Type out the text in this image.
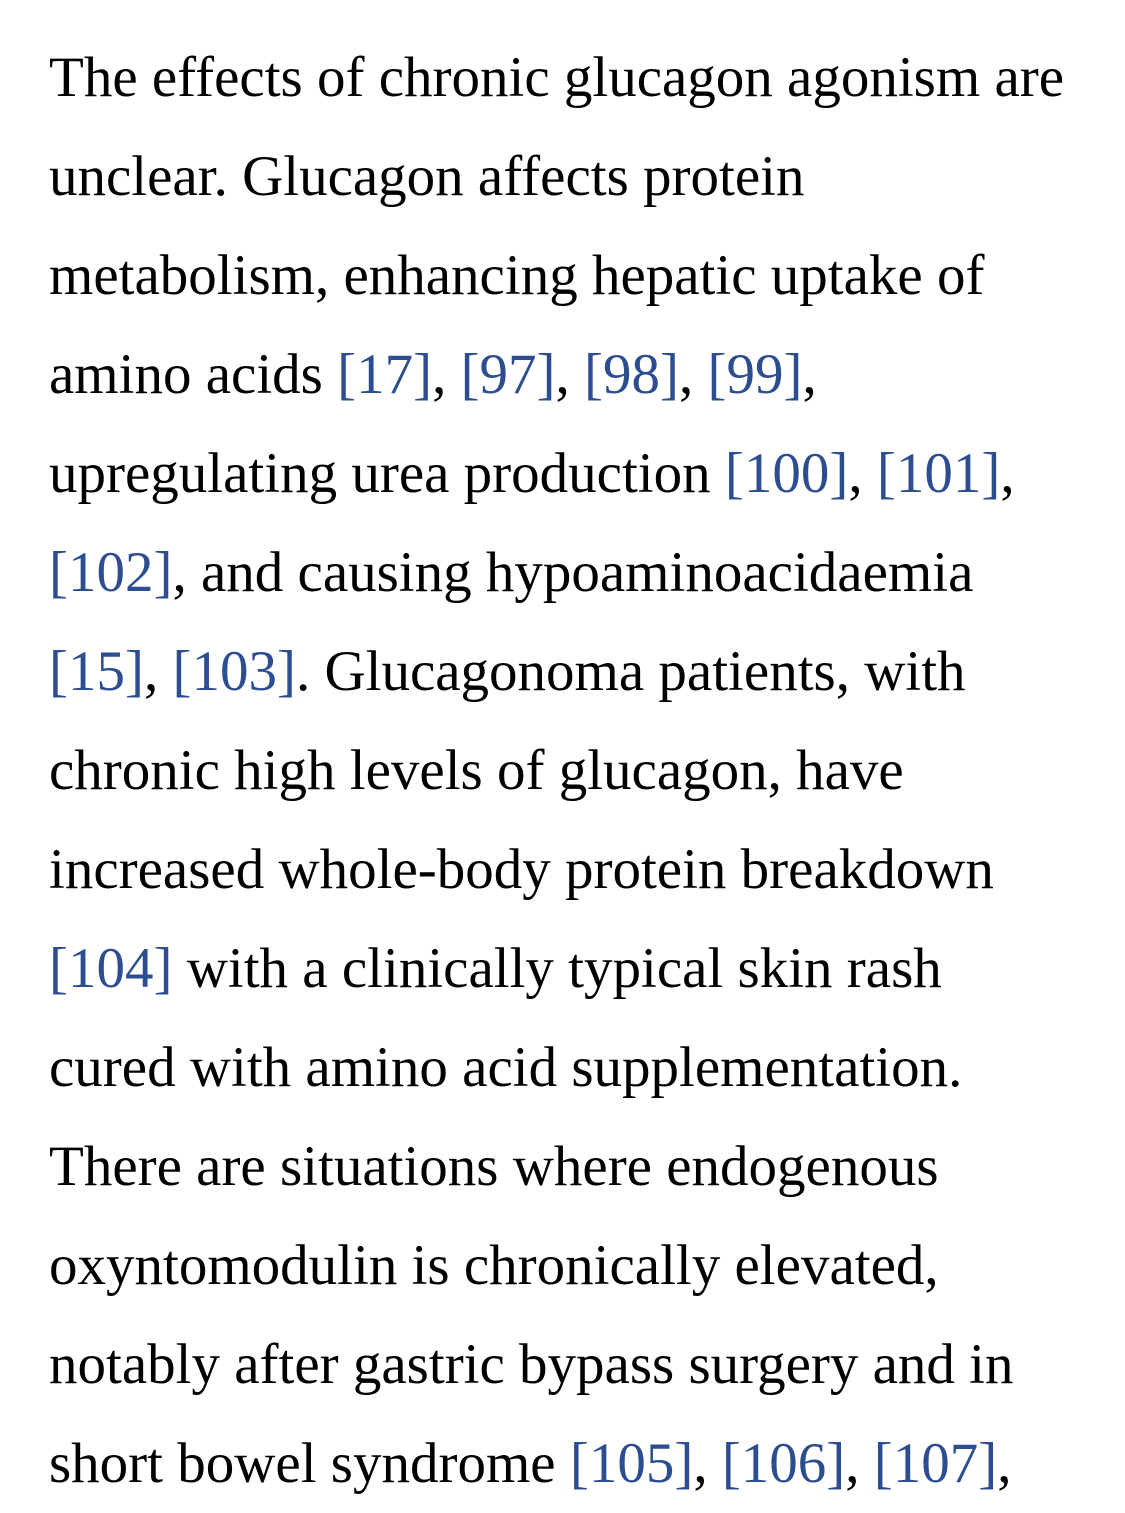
The effects of chronic glucagon agonism are
unclear. Glucagon affects protein
metabolism, enhancing hepatic uptake of
amino acids [17], [97], [98], [99],
upregulating urea production [100], [101],
[102], and causing hypoaminoacidaemia
[15], [103]. Glucagonoma patients, with
chronic high levels of glucagon, have
increased whole-body protein breakdown
[104] with a clinically typical skin rash
cured with amino acid supplementation.
There are situations where endogenous
oxyntomodulin is chronically elevated,
notably after gastric bypass surgery and in
short bowel syndrome [105], [106], [107],
